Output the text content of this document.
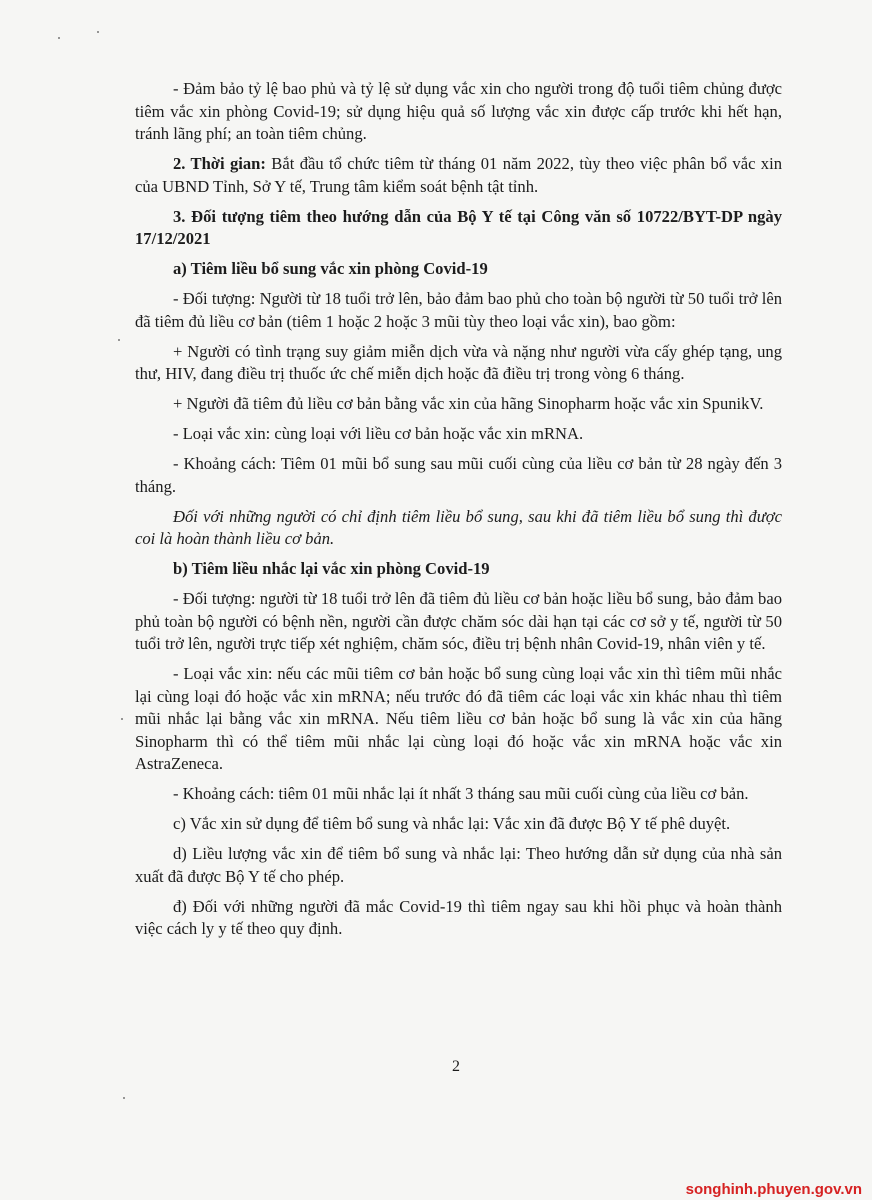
- Đảm bảo tỷ lệ bao phủ và tỷ lệ sử dụng vắc xin cho người trong độ tuổi tiêm chủng được tiêm vắc xin phòng Covid-19; sử dụng hiệu quả số lượng vắc xin được cấp trước khi hết hạn, tránh lãng phí; an toàn tiêm chủng.

2. Thời gian: Bắt đầu tổ chức tiêm từ tháng 01 năm 2022, tùy theo việc phân bổ vắc xin của UBND Tỉnh, Sở Y tế, Trung tâm kiểm soát bệnh tật tỉnh.

3. Đối tượng tiêm theo hướng dẫn của Bộ Y tế tại Công văn số 10722/BYT-DP ngày 17/12/2021

a) Tiêm liều bổ sung vắc xin phòng Covid-19

- Đối tượng: Người từ 18 tuổi trở lên, bảo đảm bao phủ cho toàn bộ người từ 50 tuổi trở lên đã tiêm đủ liều cơ bản (tiêm 1 hoặc 2 hoặc 3 mũi tùy theo loại vắc xin), bao gồm:

+ Người có tình trạng suy giảm miễn dịch vừa và nặng như người vừa cấy ghép tạng, ung thư, HIV, đang điều trị thuốc ức chế miễn dịch hoặc đã điều trị trong vòng 6 tháng.

+ Người đã tiêm đủ liều cơ bản bằng vắc xin của hãng Sinopharm hoặc vắc xin SpunikV.

- Loại vắc xin: cùng loại với liều cơ bản hoặc vắc xin mRNA.

- Khoảng cách: Tiêm 01 mũi bổ sung sau mũi cuối cùng của liều cơ bản từ 28 ngày đến 3 tháng.

Đối với những người có chỉ định tiêm liều bổ sung, sau khi đã tiêm liều bổ sung thì được coi là hoàn thành liều cơ bản.

b) Tiêm liều nhắc lại vắc xin phòng Covid-19

- Đối tượng: người từ 18 tuổi trở lên đã tiêm đủ liều cơ bản hoặc liều bổ sung, bảo đảm bao phủ toàn bộ người có bệnh nền, người cần được chăm sóc dài hạn tại các cơ sở y tế, người từ 50 tuổi trở lên, người trực tiếp xét nghiệm, chăm sóc, điều trị bệnh nhân Covid-19, nhân viên y tế.

- Loại vắc xin: nếu các mũi tiêm cơ bản hoặc bổ sung cùng loại vắc xin thì tiêm mũi nhắc lại cùng loại đó hoặc vắc xin mRNA; nếu trước đó đã tiêm các loại vắc xin khác nhau thì tiêm mũi nhắc lại bằng vắc xin mRNA. Nếu tiêm liều cơ bản hoặc bổ sung là vắc xin của hãng Sinopharm thì có thể tiêm mũi nhắc lại cùng loại đó hoặc vắc xin mRNA hoặc vắc xin AstraZeneca.

- Khoảng cách: tiêm 01 mũi nhắc lại ít nhất 3 tháng sau mũi cuối cùng của liều cơ bản.

c) Vắc xin sử dụng để tiêm bổ sung và nhắc lại: Vắc xin đã được Bộ Y tế phê duyệt.

d) Liều lượng vắc xin để tiêm bổ sung và nhắc lại: Theo hướng dẫn sử dụng của nhà sản xuất đã được Bộ Y tế cho phép.

đ) Đối với những người đã mắc Covid-19 thì tiêm ngay sau khi hồi phục và hoàn thành việc cách ly y tế theo quy định.

2
songhinh.phuyen.gov.vn
